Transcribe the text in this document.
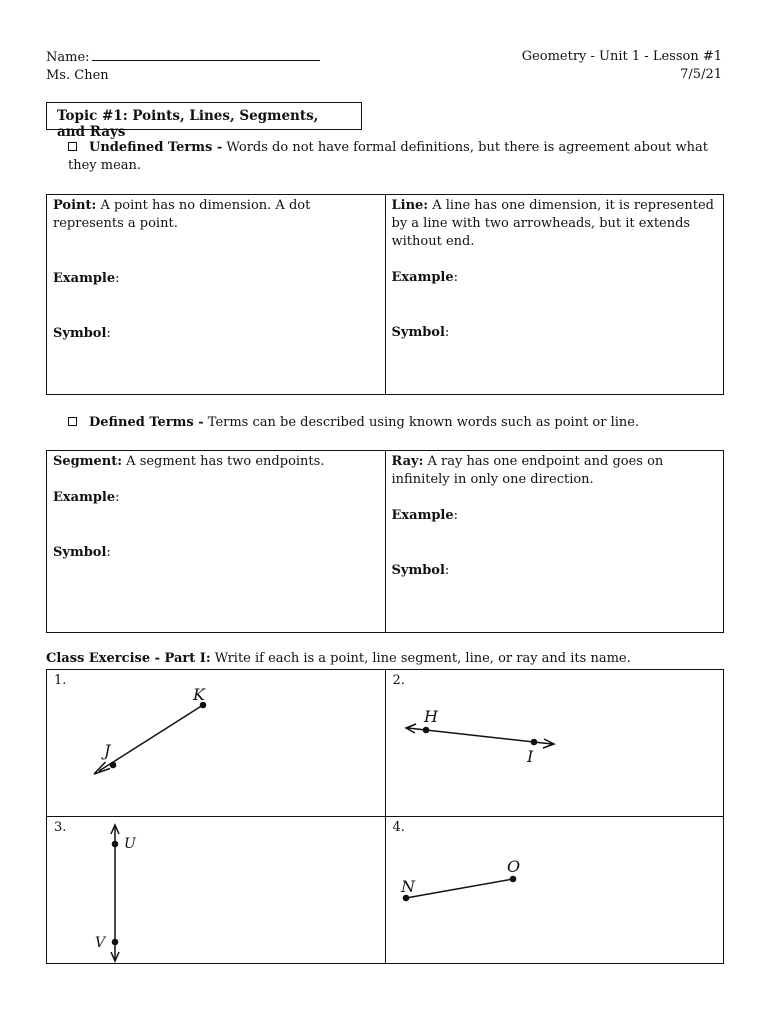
Name:
Ms. Chen
Geometry - Unit 1 - Lesson #1
7/5/21
Topic #1: Points, Lines, Segments, and Rays
Undefined Terms - Words do not have formal definitions, but there is agreement about what they mean.
Point: A point has no dimension. A dot represents a point.
Example:
Symbol:

Line: A line has one dimension, it is represented by a line with two arrowheads, but it extends without end.
Example:
Symbol:
Defined Terms - Terms can be described using known words such as point or line.
Segment: A segment has two endpoints.
Example:
Symbol:

Ray: A ray has one endpoint and goes on infinitely in only one direction.
Example:
Symbol:
Class Exercise - Part I: Write if each is a point, line segment, line, or ray and its name.
1.
K
J	2.
H
I

3.
U
V	4.
O
N
